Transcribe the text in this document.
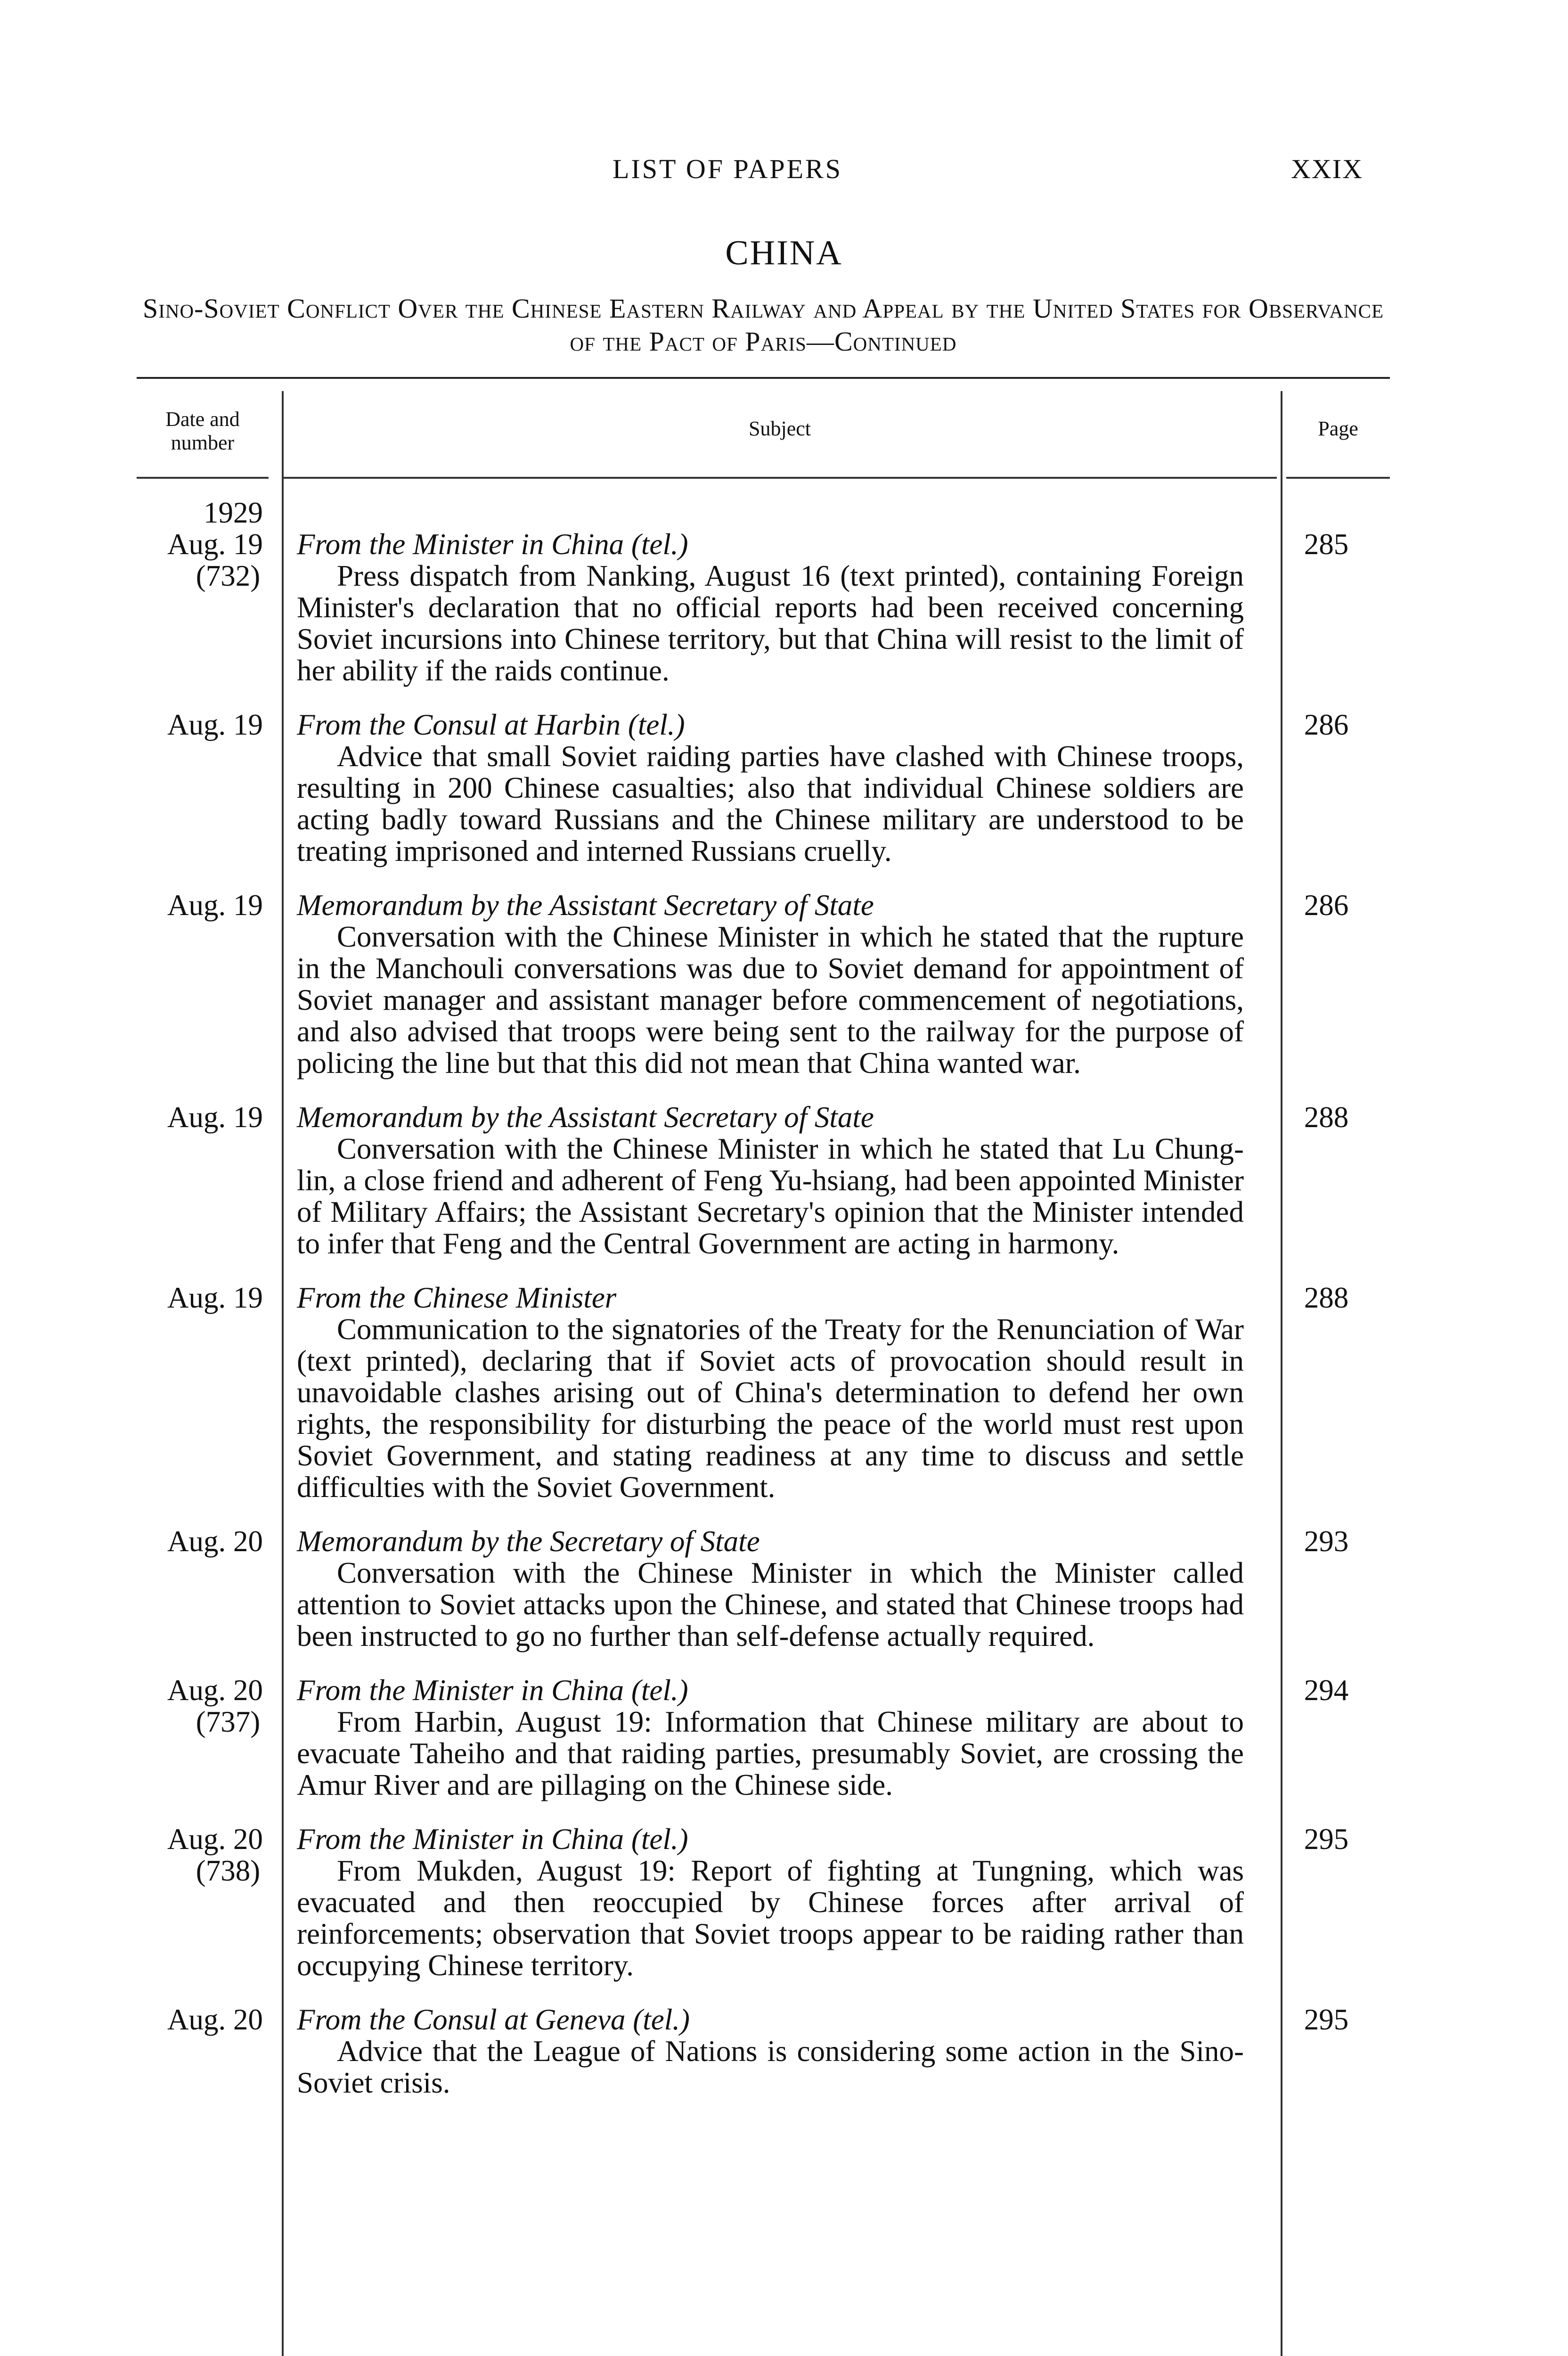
LIST OF PAPERS	XXIX
CHINA
Sino-Soviet Conflict Over the Chinese Eastern Railway and Appeal by the United States for Observance of the Pact of Paris—Continued
Date and number
Subject	Page
1929
Aug. 19
(732)
From the Minister in China (tel.)
Press dispatch from Nanking, August 16 (text printed), containing Foreign Minister's declaration that no official reports had been received concerning Soviet incursions into Chinese territory, but that China will resist to the limit of her ability if the raids continue.
285
Aug. 19 From the Consul at Harbin (tel.)
Advice that small Soviet raiding parties have clashed with Chinese troops, resulting in 200 Chinese casualties; also that individual Chinese soldiers are acting badly toward Russians and the Chinese military are understood to be treating imprisoned and interned Russians cruelly.
286
Aug. 19 Memorandum by the Assistant Secretary of State
Conversation with the Chinese Minister in which he stated that the rupture in the Manchouli conversations was due to Soviet demand for appointment of Soviet manager and assistant manager before commencement of negotiations, and also advised that troops were being sent to the railway for the purpose of policing the line but that this did not mean that China wanted war.
286
Aug. 19 Memorandum by the Assistant Secretary of State
Conversation with the Chinese Minister in which he stated that Lu Chung-lin, a close friend and adherent of Feng Yu-hsiang, had been appointed Minister of Military Affairs; the Assistant Secretary's opinion that the Minister intended to infer that Feng and the Central Government are acting in harmony.
288
Aug. 19 From the Chinese Minister
Communication to the signatories of the Treaty for the Renunciation of War (text printed), declaring that if Soviet acts of provocation should result in unavoidable clashes arising out of China's determination to defend her own rights, the responsibility for disturbing the peace of the world must rest upon Soviet Government, and stating readiness at any time to discuss and settle difficulties with the Soviet Government.
288
Aug. 20 Memorandum by the Secretary of State
Conversation with the Chinese Minister in which the Minister called attention to Soviet attacks upon the Chinese, and stated that Chinese troops had been instructed to go no further than self-defense actually required.
293
Aug. 20
(737)
From the Minister in China (tel.)
From Harbin, August 19: Information that Chinese military are about to evacuate Taheiho and that raiding parties, presumably Soviet, are crossing the Amur River and are pillaging on the Chinese side.
294
Aug. 20
(738)
From the Minister in China (tel.)
From Mukden, August 19: Report of fighting at Tungning, which was evacuated and then reoccupied by Chinese forces after arrival of reinforcements; observation that Soviet troops appear to be raiding rather than occupying Chinese territory.
295
Aug. 20 From the Consul at Geneva (tel.)
Advice that the League of Nations is considering some action in the Sino-Soviet crisis.
295
